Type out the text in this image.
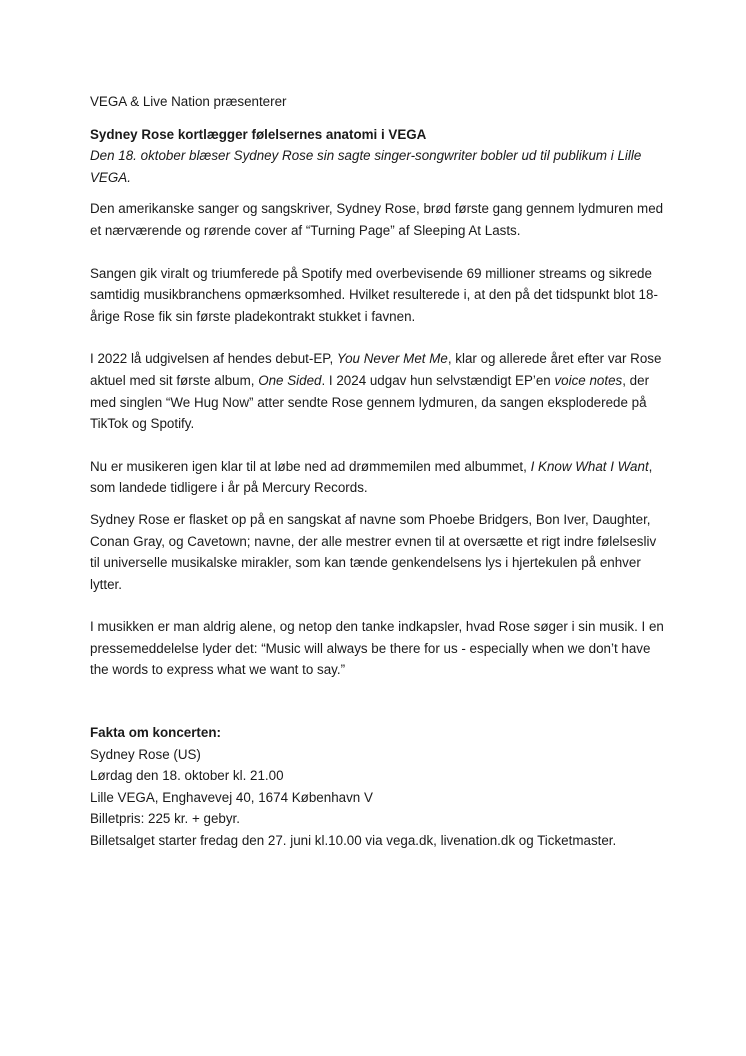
VEGA & Live Nation præsenterer

Sydney Rose kortlægger følelsernes anatomi i VEGA

Den 18. oktober blæser Sydney Rose sin sagte singer-songwriter bobler ud til publikum i Lille VEGA.

Den amerikanske sanger og sangskriver, Sydney Rose, brød første gang gennem lydmuren med et nærværende og rørende cover af “Turning Page” af Sleeping At Lasts.

Sangen gik viralt og triumferede på Spotify med overbevisende 69 millioner streams og sikrede samtidig musikbranchens opmærksomhed. Hvilket resulterede i, at den på det tidspunkt blot 18-årige Rose fik sin første pladekontrakt stukket i favnen.

I 2022 lå udgivelsen af hendes debut-EP, You Never Met Me, klar og allerede året efter var Rose aktuel med sit første album, One Sided. I 2024 udgav hun selvstændigt EP’en voice notes, der med singlen “We Hug Now” atter sendte Rose gennem lydmuren, da sangen eksploderede på TikTok og Spotify.

Nu er musikeren igen klar til at løbe ned ad drømmemilen med albummet, I Know What I Want, som landede tidligere i år på Mercury Records.

Sydney Rose er flasket op på en sangskat af navne som Phoebe Bridgers, Bon Iver, Daughter, Conan Gray, og Cavetown; navne, der alle mestrer evnen til at oversætte et rigt indre følelsesliv til universelle musikalske mirakler, som kan tænde genkendelsens lys i hjertekulen på enhver lytter.

I musikken er man aldrig alene, og netop den tanke indkapsler, hvad Rose søger i sin musik. I en pressemeddelelse lyder det: “Music will always be there for us - especially when we don’t have the words to express what we want to say.”

Fakta om koncerten:

Sydney Rose (US)

Lørdag den 18. oktober kl. 21.00

Lille VEGA, Enghavevej 40, 1674 København V

Billetpris: 225 kr. + gebyr.

Billetsalget starter fredag den 27. juni kl.10.00 via vega.dk, livenation.dk og Ticketmaster.
